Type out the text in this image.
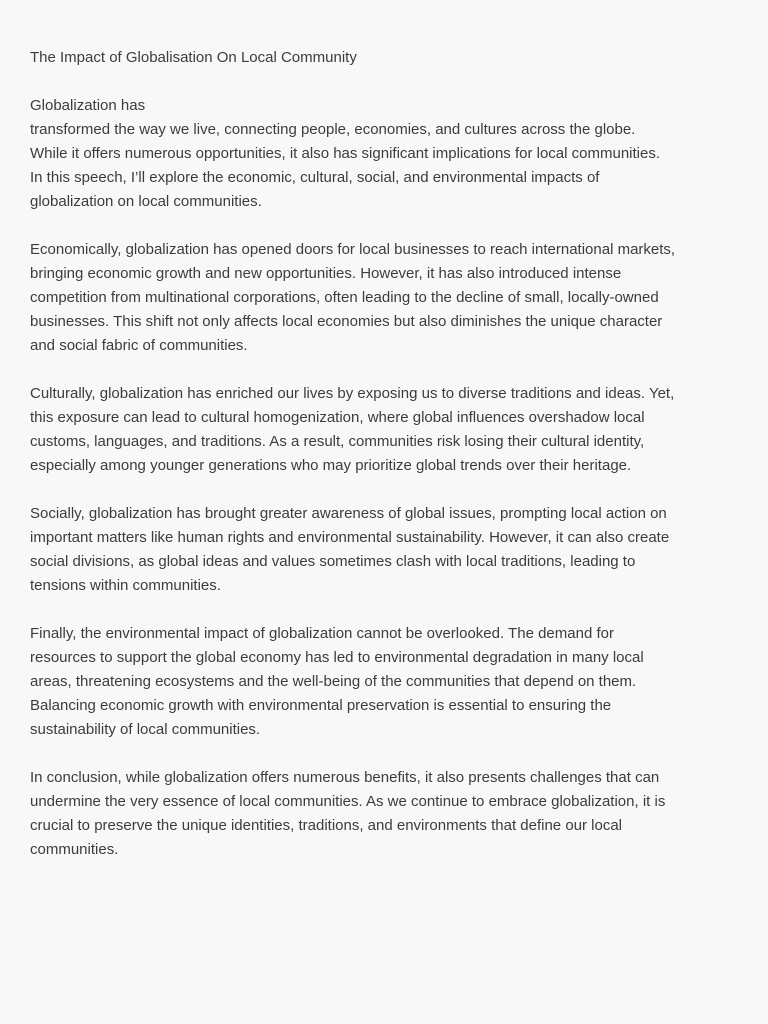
The Impact of Globalisation On Local Community
Globalization has
transformed the way we live, connecting people, economies, and cultures across the globe.
While it offers numerous opportunities, it also has significant implications for local communities.
In this speech, I’ll explore the economic, cultural, social, and environmental impacts of
globalization on local communities.
Economically, globalization has opened doors for local businesses to reach international markets,
bringing economic growth and new opportunities. However, it has also introduced intense
competition from multinational corporations, often leading to the decline of small, locally-owned
businesses. This shift not only affects local economies but also diminishes the unique character
and social fabric of communities.
Culturally, globalization has enriched our lives by exposing us to diverse traditions and ideas. Yet,
this exposure can lead to cultural homogenization, where global influences overshadow local
customs, languages, and traditions. As a result, communities risk losing their cultural identity,
especially among younger generations who may prioritize global trends over their heritage.
Socially, globalization has brought greater awareness of global issues, prompting local action on
important matters like human rights and environmental sustainability. However, it can also create
social divisions, as global ideas and values sometimes clash with local traditions, leading to
tensions within communities.
Finally, the environmental impact of globalization cannot be overlooked. The demand for
resources to support the global economy has led to environmental degradation in many local
areas, threatening ecosystems and the well-being of the communities that depend on them.
Balancing economic growth with environmental preservation is essential to ensuring the
sustainability of local communities.
In conclusion, while globalization offers numerous benefits, it also presents challenges that can
undermine the very essence of local communities. As we continue to embrace globalization, it is
crucial to preserve the unique identities, traditions, and environments that define our local
communities.
